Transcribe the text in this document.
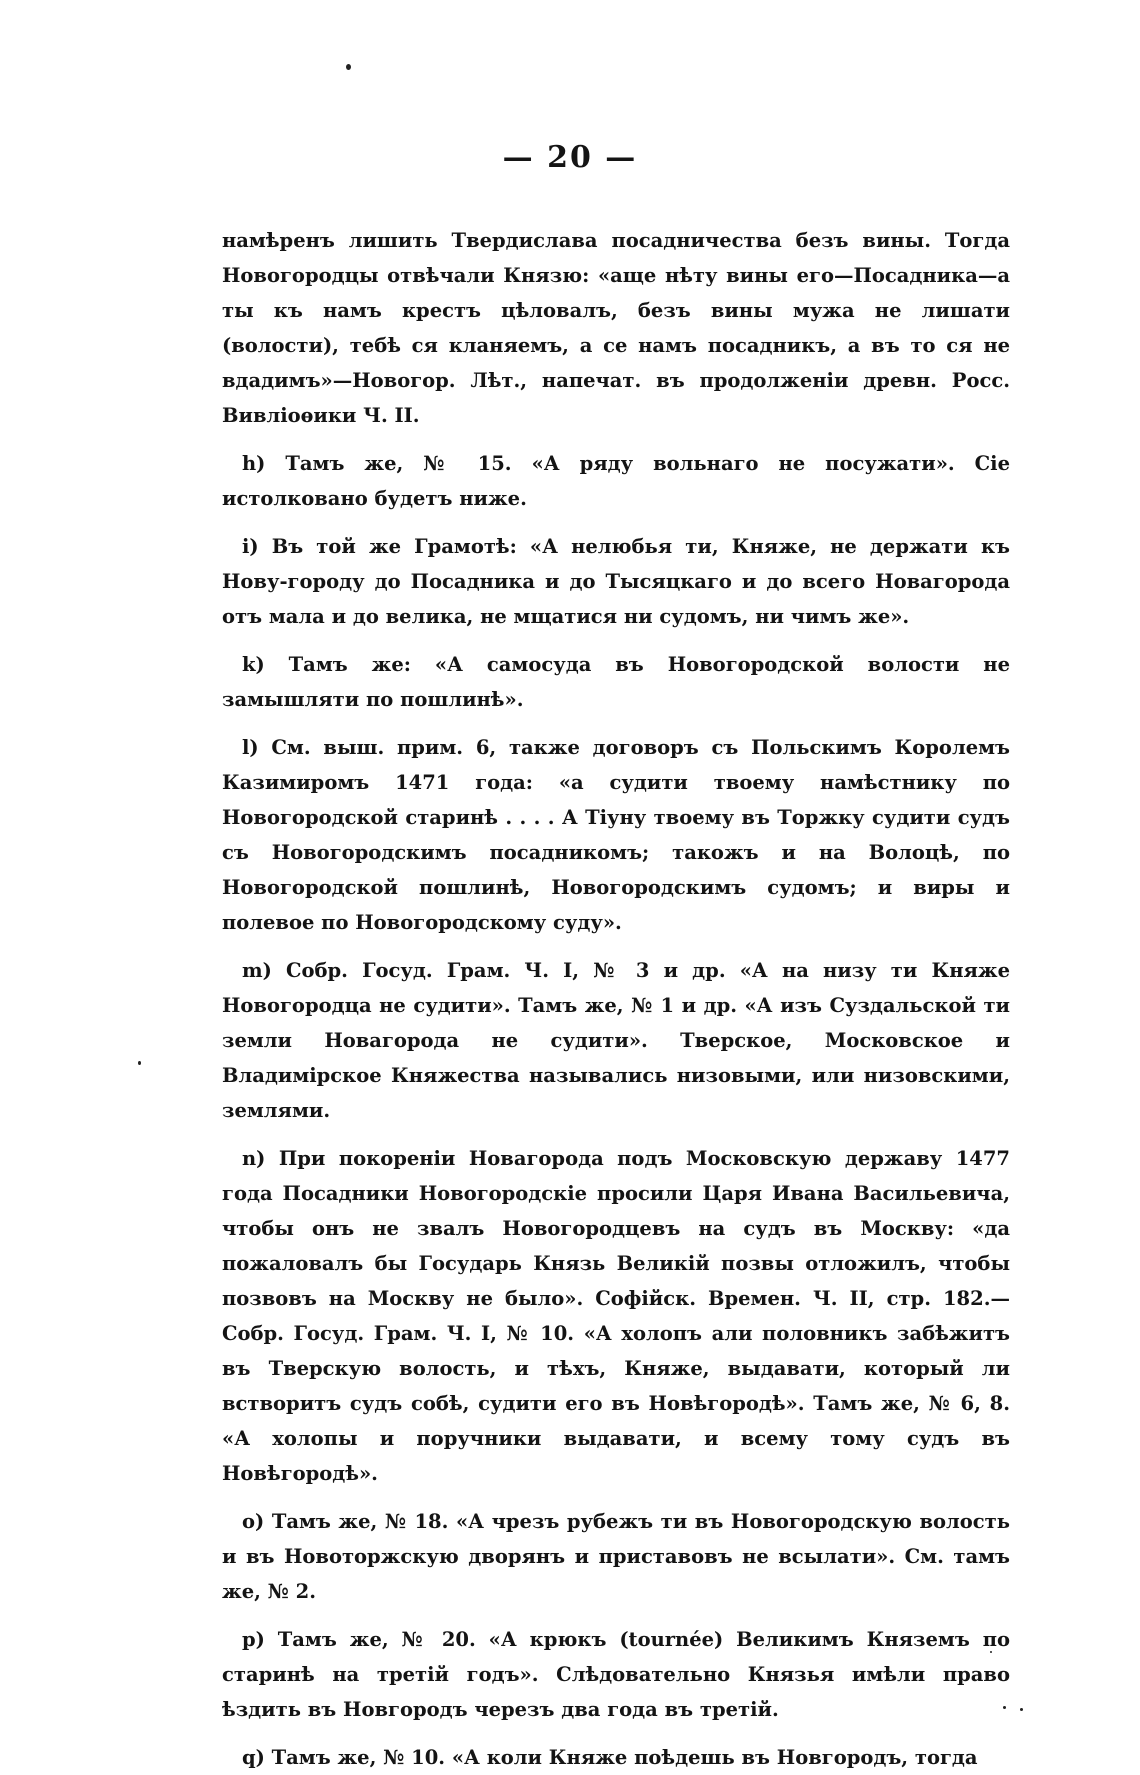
— 20 —

намѣренъ лишить Твердислава посадничества безъ вины. Тогда Новогородцы отвѣчали Князю: «аще нѣту вины его—Посадника—а ты къ намъ крестъ цѣловалъ, безъ вины мужа не лишати (волости), тебѣ ся кланяемъ, а се намъ посадникъ, а въ то ся не вдадимъ»—Новогор. Лѣт., напечат. въ продолженіи древн. Росс. Вивліоѳики Ч. II.

h) Тамъ же, № 15. «А ряду вольнаго не посужати». Сіе истолковано будетъ ниже.

i) Въ той же Грамотѣ: «А нелюбья ти, Княже, не держати къ Нову-городу до Посадника и до Тысяцкаго и до всего Новагорода отъ мала и до велика, не мщатися ни судомъ, ни чимъ же».

k) Тамъ же: «А самосуда въ Новогородской волости не замышляти по пошлинѣ».

l) См. выш. прим. 6, также договоръ съ Польскимъ Королемъ Казимиромъ 1471 года: «а судити твоему намѣстнику по Новогородской старинѣ . . . . А Тіуну твоему въ Торжку судити судъ съ Новогородскимъ посадникомъ; такожъ и на Волоцѣ, по Новогородской пошлинѣ, Новогородскимъ судомъ; и виры и полевое по Новогородскому суду».

m) Собр. Госуд. Грам. Ч. I, № 3 и др. «А на низу ти Княже Новогородца не судити». Тамъ же, № 1 и др. «А изъ Суздальской ти земли Новагорода не судити». Тверское, Московское и Владимірское Княжества назывались низовыми, или низовскими, землями.

n) При покореніи Новагорода подъ Московскую державу 1477 года Посадники Новогородскіе просили Царя Ивана Васильевича, чтобы онъ не звалъ Новогородцевъ на судъ въ Москву: «да пожаловалъ бы Государь Князь Великій позвы отложилъ, чтобы позвовъ на Москву не было». Софійск. Времен. Ч. II, стр. 182.—Собр. Госуд. Грам. Ч. I, № 10. «А холопъ али половникъ забѣжитъ въ Тверскую волость, и тѣхъ, Княже, выдавати, который ли встворитъ судъ собѣ, судити его въ Новѣгородѣ». Тамъ же, № 6, 8. «А холопы и поручники выдавати, и всему тому судъ въ Новѣгородѣ».

o) Тамъ же, № 18. «А чрезъ рубежъ ти въ Новогородскую волость и въ Новоторжскую дворянъ и приставовъ не всылати». См. тамъ же, № 2.

p) Тамъ же, № 20. «А крюкъ (tournée) Великимъ Княземъ по старинѣ на третій годъ». Слѣдовательно Князья имѣли право ѣздить въ Новгородъ черезъ два года въ третій.

q) Тамъ же, № 10. «А коли Княже поѣдешь въ Новгородъ, тогда
